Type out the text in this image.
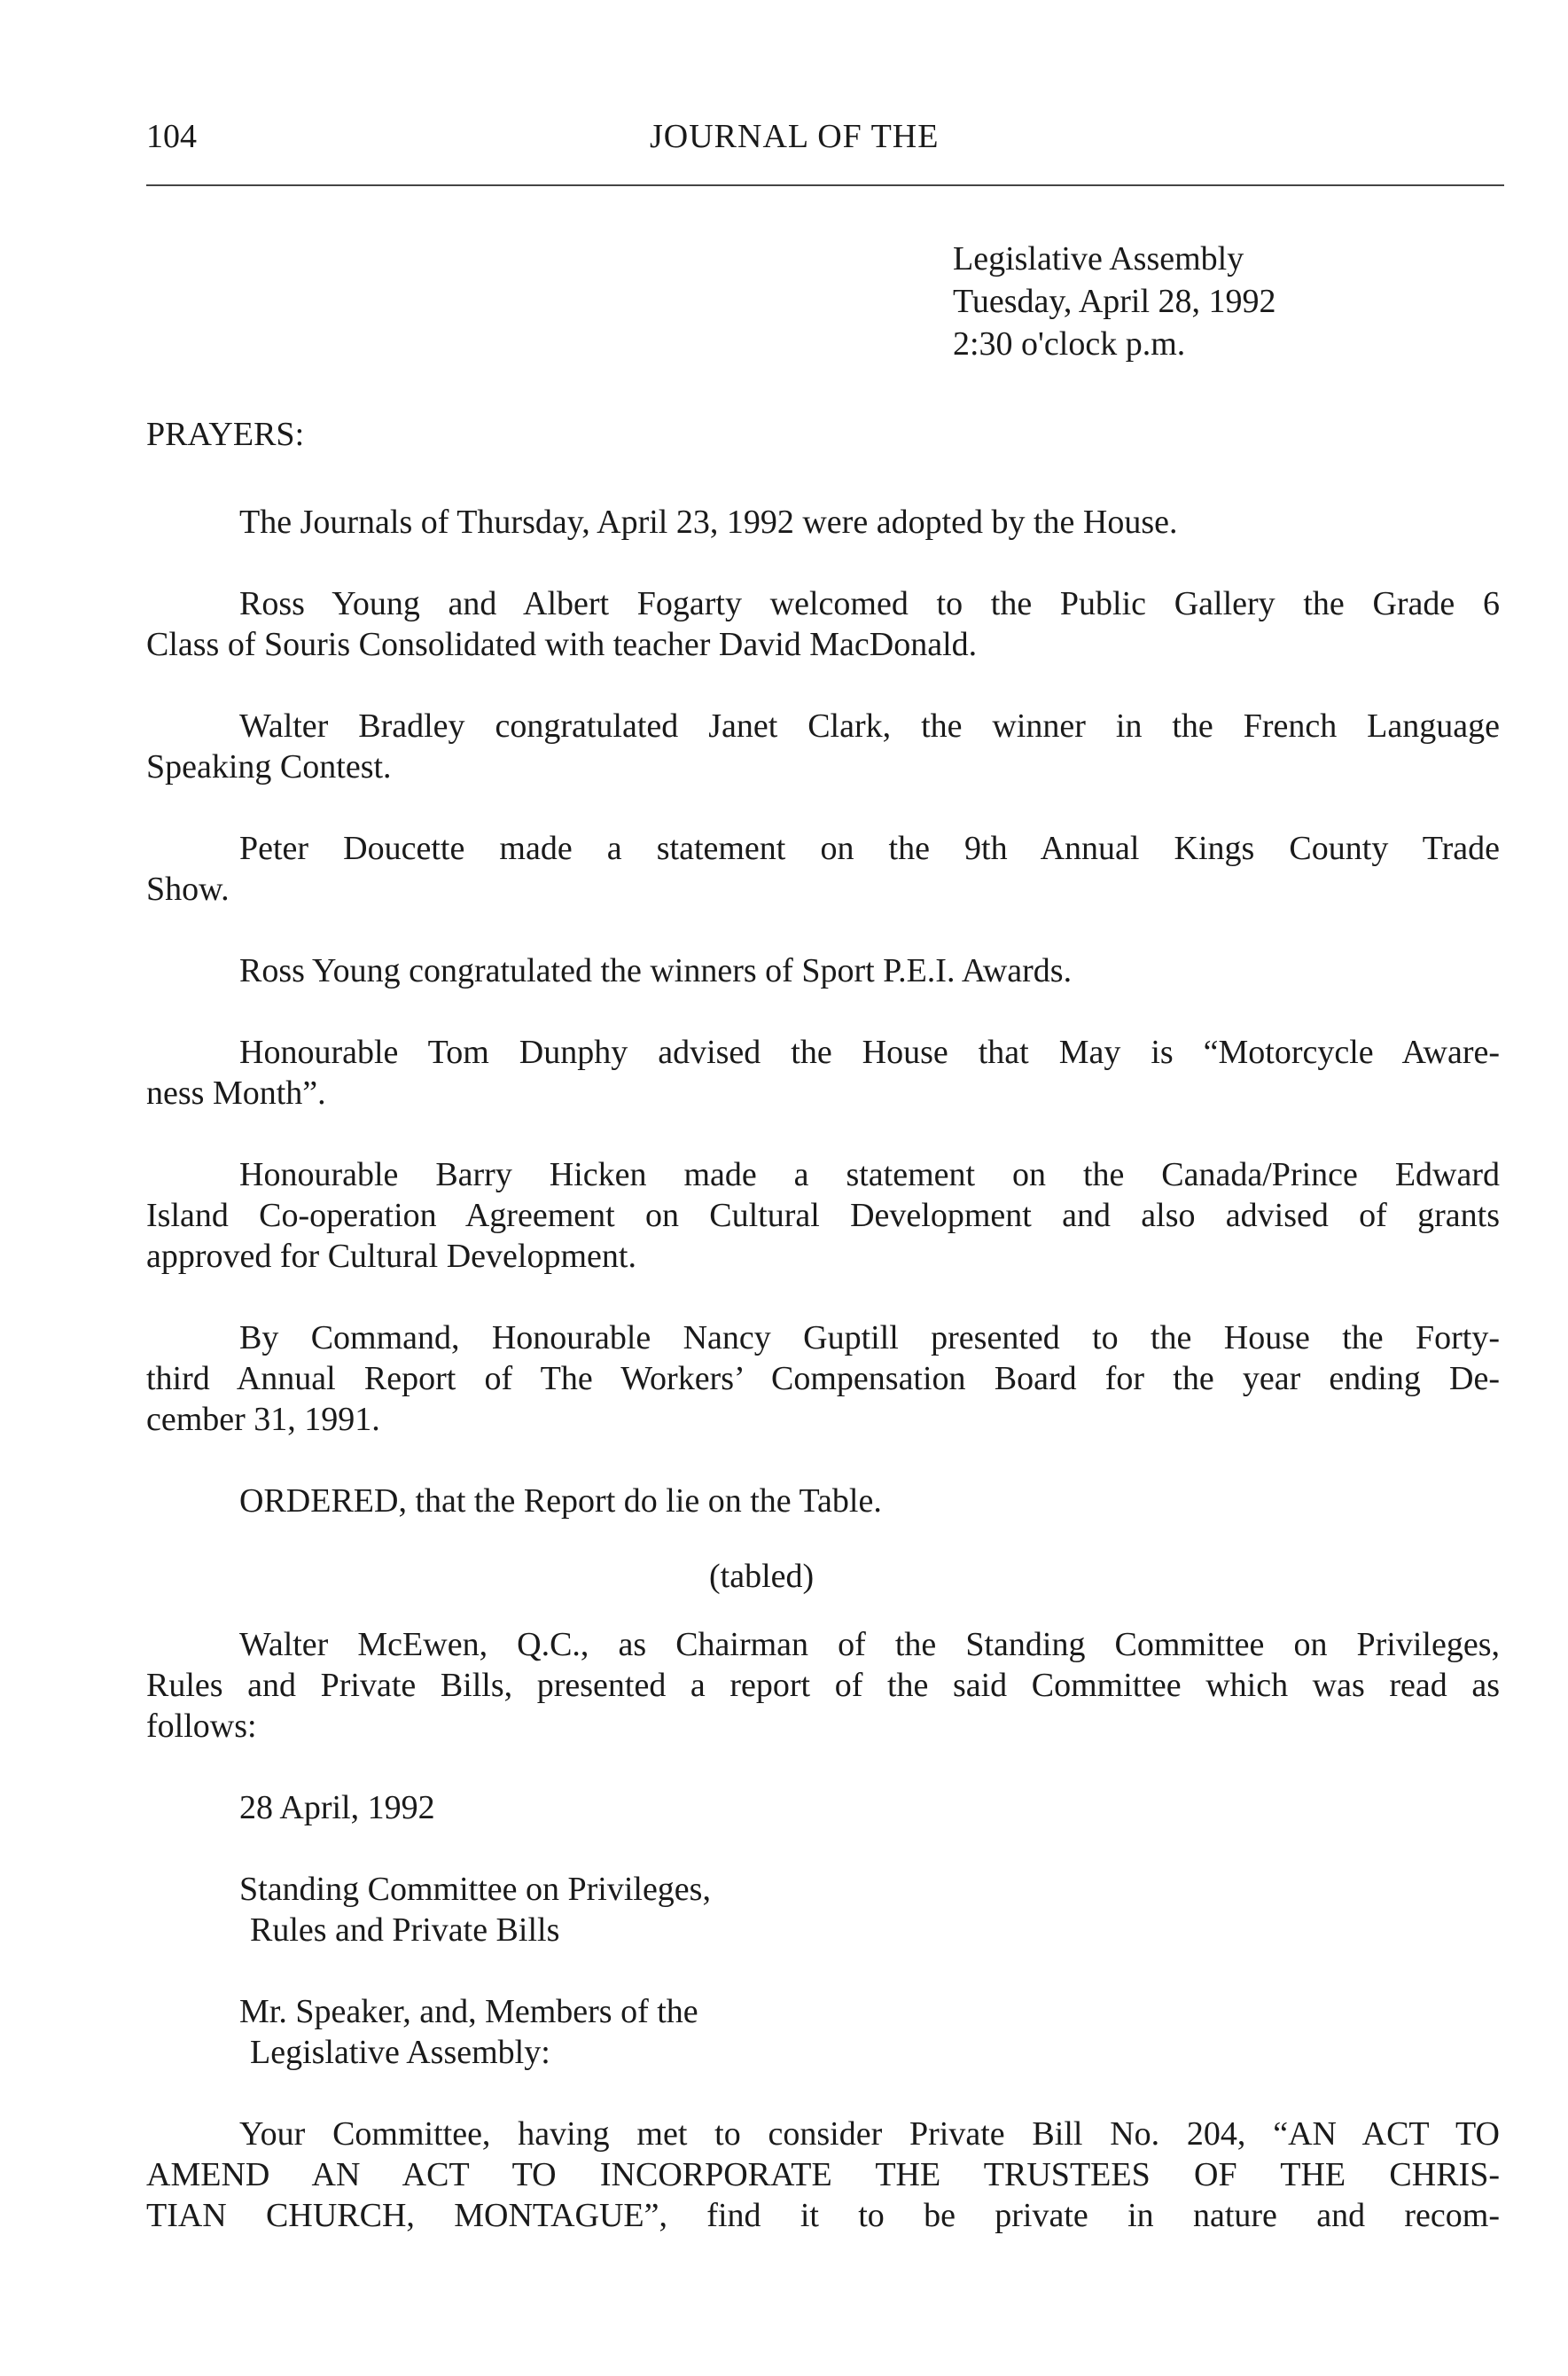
104	JOURNAL OF THE
Legislative Assembly
Tuesday, April 28, 1992
2:30 o'clock p.m.
PRAYERS:
The Journals of Thursday, April 23, 1992 were adopted by the House.
Ross Young and Albert Fogarty welcomed to the Public Gallery the Grade 6
Class of Souris Consolidated with teacher David MacDonald.
Walter Bradley congratulated Janet Clark, the winner in the French Language
Speaking Contest.
Peter Doucette made a statement on the 9th Annual Kings County Trade
Show.
Ross Young congratulated the winners of Sport P.E.I. Awards.
Honourable Tom Dunphy advised the House that May is “Motorcycle Aware-
ness Month”.
Honourable Barry Hicken made a statement on the Canada/Prince Edward
Island Co-operation Agreement on Cultural Development and also advised of grants
approved for Cultural Development.
By Command, Honourable Nancy Guptill presented to the House the Forty-
third Annual Report of The Workers’ Compensation Board for the year ending De-
cember 31, 1991.
ORDERED, that the Report do lie on the Table.
(tabled)
Walter McEwen, Q.C., as Chairman of the Standing Committee on Privileges,
Rules and Private Bills, presented a report of the said Committee which was read as
follows:
28 April, 1992
Standing Committee on Privileges,
Rules and Private Bills
Mr. Speaker, and, Members of the
Legislative Assembly:
Your Committee, having met to consider Private Bill No. 204, “AN ACT TO
AMEND AN ACT TO INCORPORATE THE TRUSTEES OF THE CHRIS-
TIAN CHURCH, MONTAGUE”, find it to be private in nature and recom-
